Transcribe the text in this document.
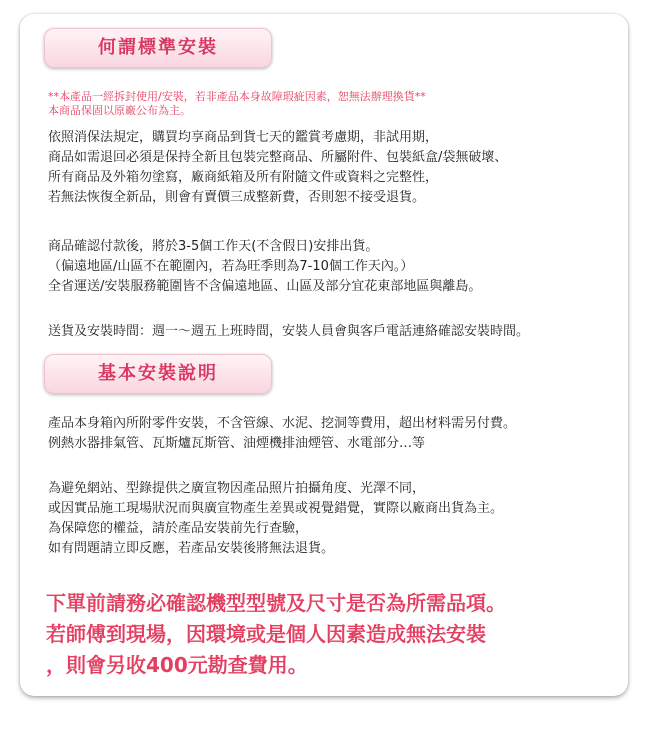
何謂標準安裝
**本產品一經拆封使用/安裝，若非產品本身故障瑕疵因素，恕無法辦理換貨**
本商品保固以原廠公布為主。
依照消保法規定，購買均享商品到貨七天的鑑賞考慮期，非試用期，
商品如需退回必須是保持全新且包裝完整商品、所屬附件、包裝紙盒/袋無破壞、
所有商品及外箱勿塗寫，廠商紙箱及所有附隨文件或資料之完整性，
若無法恢復全新品，則會有賣價三成整新費，否則恕不接受退貨。
商品確認付款後，將於3-5個工作天(不含假日)安排出貨。
（偏遠地區/山區不在範圍內，若為旺季則為7-10個工作天內。）
全省運送/安裝服務範圍皆不含偏遠地區、山區及部分宜花東部地區與離島。
送貨及安裝時間：週一～週五上班時間，安裝人員會與客戶電話連絡確認安裝時間。
基本安裝說明
產品本身箱內所附零件安裝，不含管線、水泥、挖洞等費用，超出材料需另付費。
例熱水器排氣管、瓦斯爐瓦斯管、油煙機排油煙管、水電部分…等
為避免網站、型錄提供之廣宣物因產品照片拍攝角度、光澤不同，
或因實品施工現場狀況而與廣宣物產生差異或視覺錯覺，實際以廠商出貨為主。
為保障您的權益，請於產品安裝前先行查驗，
如有問題請立即反應，若產品安裝後將無法退貨。
下單前請務必確認機型型號及尺寸是否為所需品項。
若師傅到現場，因環境或是個人因素造成無法安裝
，則會另收400元勘查費用。
